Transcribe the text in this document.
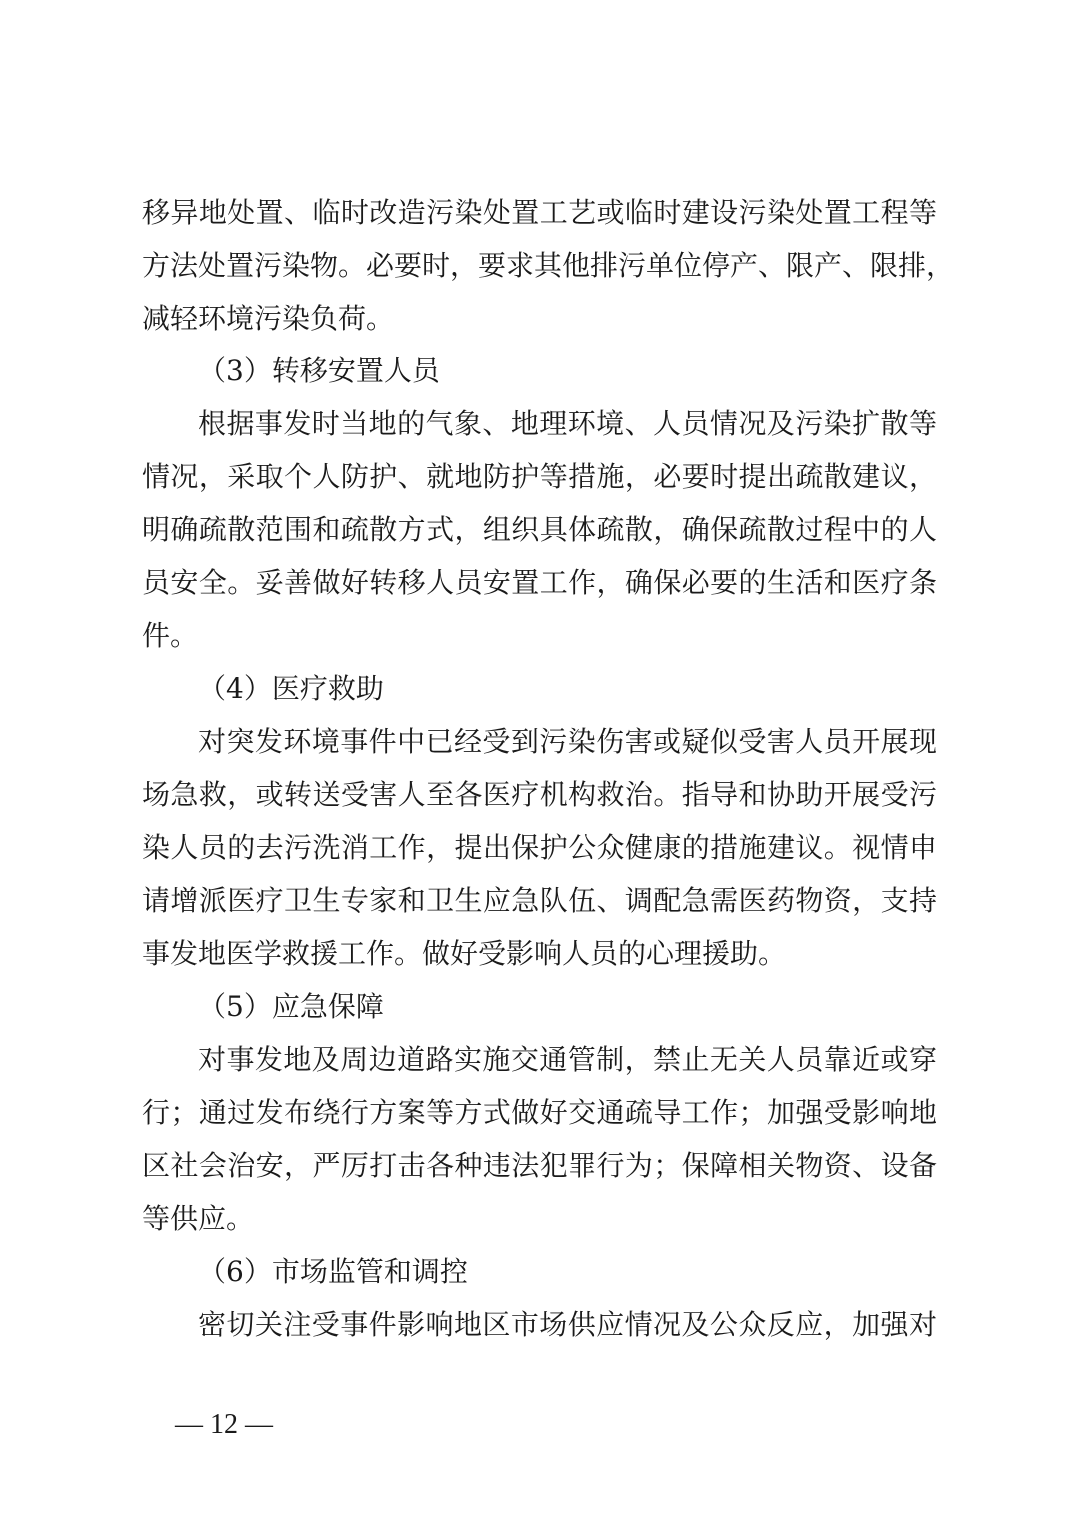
移异地处置、临时改造污染处置工艺或临时建设污染处置工程等
方法处置污染物。必要时，要求其他排污单位停产、限产、限排，
减轻环境污染负荷。
（3）转移安置人员
根据事发时当地的气象、地理环境、人员情况及污染扩散等
情况，采取个人防护、就地防护等措施，必要时提出疏散建议，
明确疏散范围和疏散方式，组织具体疏散，确保疏散过程中的人
员安全。妥善做好转移人员安置工作，确保必要的生活和医疗条
件。
（4）医疗救助
对突发环境事件中已经受到污染伤害或疑似受害人员开展现
场急救，或转送受害人至各医疗机构救治。指导和协助开展受污
染人员的去污洗消工作，提出保护公众健康的措施建议。视情申
请增派医疗卫生专家和卫生应急队伍、调配急需医药物资，支持
事发地医学救援工作。做好受影响人员的心理援助。
（5）应急保障
对事发地及周边道路实施交通管制，禁止无关人员靠近或穿
行；通过发布绕行方案等方式做好交通疏导工作；加强受影响地
区社会治安，严厉打击各种违法犯罪行为；保障相关物资、设备
等供应。
（6）市场监管和调控
密切关注受事件影响地区市场供应情况及公众反应，加强对
— 12 —
